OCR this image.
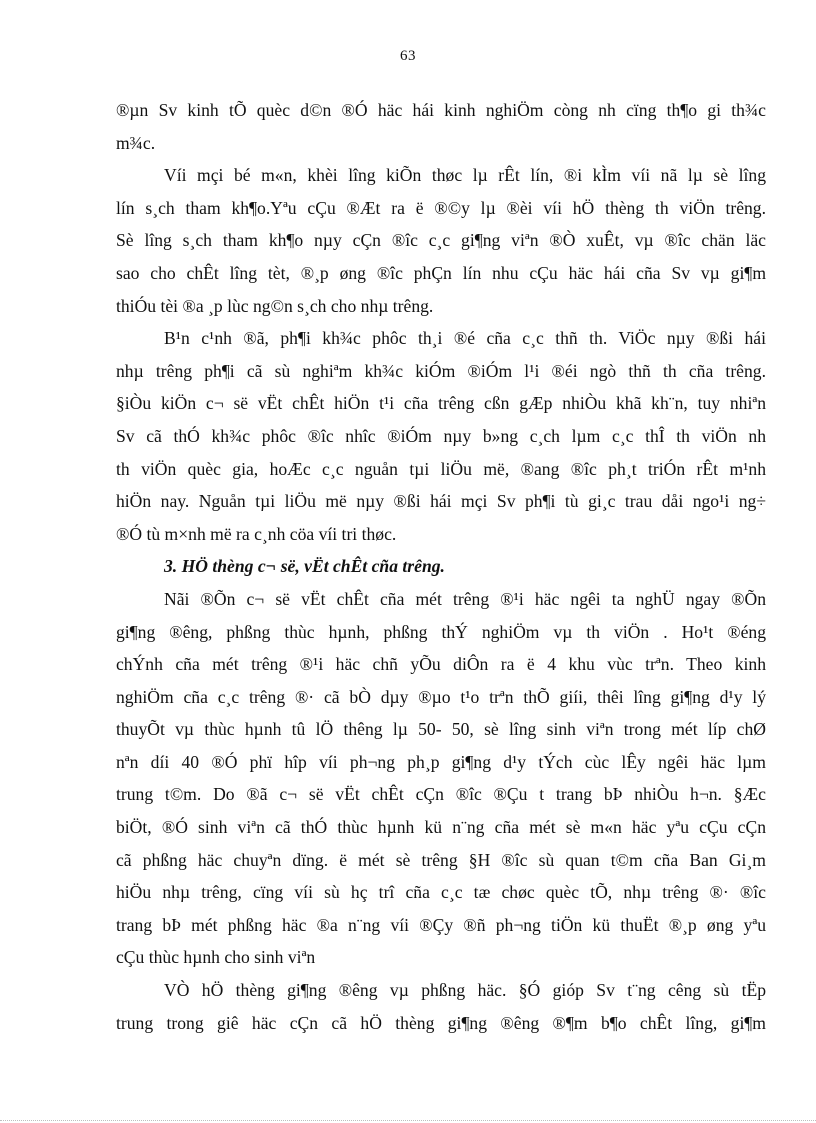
63
®µn Sv kinh tÕ quèc d©n ®Ó häc hái kinh nghiÖm còng nh cïng th¶o gi th¾c
m¾c.
Víi mçi bé m«n, khèi lîng kiÕn thøc lµ rÊt lín, ®i kÌm víi nã lµ sè lîng
lín s¸ch tham kh¶o.Yªu cÇu ®Æt ra ë ®©y lµ ®èi víi hÖ thèng th viÖn trêng.
Sè lîng s¸ch tham kh¶o nµy cÇn ®îc c¸c gi¶ng viªn ®Ò xuÊt, vµ ®îc chän läc
sao cho chÊt lîng tèt, ®¸p øng ®îc phÇn lín nhu cÇu häc hái cña Sv vµ gi¶m
thiÓu tèi ®a ¸p lùc ng©n s¸ch cho nhµ trêng.
B¹n c¹nh ®ã, ph¶i kh¾c phôc th¸i ®é cña c¸c thñ th. ViÖc nµy ®ßi hái
nhµ trêng ph¶i cã sù nghiªm kh¾c kiÓm ®iÓm l¹i ®éi ngò thñ th cña trêng.
§iÒu kiÖn c¬ së vËt chÊt hiÖn t¹i cña trêng cßn gÆp nhiÒu khã kh¨n, tuy nhiªn
Sv cã thÓ kh¾c phôc ®îc nhîc ®iÓm nµy b»ng c¸ch lµm c¸c thÎ th viÖn nh
th viÖn quèc gia, hoÆc c¸c nguån tµi liÖu më, ®ang ®îc ph¸t triÓn rÊt m¹nh
hiÖn nay. Nguån tµi liÖu më nµy ®ßi hái mçi Sv ph¶i tù gi¸c trau dåi ngo¹i ng÷
®Ó tù m×nh më ra c¸nh cöa víi tri thøc.
3. HÖ thèng c¬ së, vËt chÊt cña trêng.
Nãi ®Õn c¬ së vËt chÊt cña mét trêng ®¹i häc ngêi ta nghÜ ngay ®Õn
gi¶ng ®êng, phßng thùc hµnh, phßng thÝ nghiÖm vµ th viÖn . Ho¹t ®éng
chÝnh cña mét trêng ®¹i häc chñ yÕu diÔn ra ë 4 khu vùc trªn. Theo kinh
nghiÖm cña c¸c trêng ®· cã bÒ dµy ®µo t¹o trªn thÕ giíi, thêi lîng gi¶ng d¹y lý
thuyÕt vµ thùc hµnh tû lÖ thêng lµ 50- 50, sè lîng sinh viªn trong mét líp chØ
nªn díi 40 ®Ó phï hîp víi ph¬ng ph¸p gi¶ng d¹y tÝch cùc lÊy ngêi häc lµm
trung t©m. Do ®ã c¬ së vËt chÊt cÇn ®îc ®Çu t trang bÞ nhiÒu h¬n. §Æc
biÖt, ®Ó sinh viªn cã thÓ thùc hµnh kü n¨ng cña mét sè m«n häc yªu cÇu cÇn
cã phßng häc chuyªn dïng. ë mét sè trêng §H ®îc sù quan t©m cña Ban Gi¸m
hiÖu nhµ trêng, cïng víi sù hç trî cña c¸c tæ chøc quèc tÕ, nhµ trêng ®· ®îc
trang bÞ mét phßng häc ®a n¨ng víi ®Çy ®ñ ph¬ng tiÖn kü thuËt ®¸p øng yªu
cÇu thùc hµnh cho sinh viªn
VÒ hÖ thèng gi¶ng ®êng vµ phßng häc. §Ó gióp Sv t¨ng cêng sù tËp
trung trong giê häc cÇn cã hÖ thèng gi¶ng ®êng ®¶m b¶o chÊt lîng, gi¶m
